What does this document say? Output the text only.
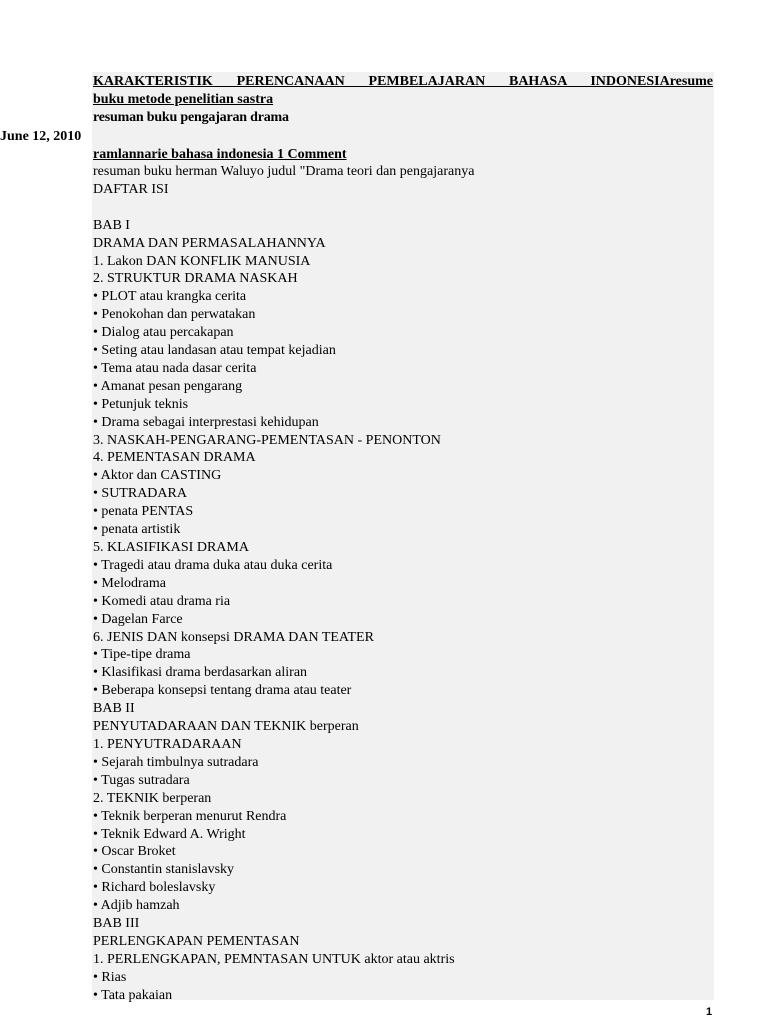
KARAKTERISTIK PERENCANAAN PEMBELAJARAN BAHASA INDONESIAresume
buku metode penelitian sastra
resuman buku pengajaran drama
June 12, 2010
ramlannarie bahasa indonesia 1 Comment
resuman buku herman Waluyo judul "Drama teori dan pengajaranya
DAFTAR ISI
BAB I
DRAMA DAN PERMASALAHANNYA
1. Lakon DAN KONFLIK MANUSIA
2. STRUKTUR DRAMA NASKAH
• PLOT atau krangka cerita
• Penokohan dan perwatakan
• Dialog atau percakapan
• Seting atau landasan atau tempat kejadian
• Tema atau nada dasar cerita
• Amanat pesan pengarang
• Petunjuk teknis
• Drama sebagai interprestasi kehidupan
3. NASKAH-PENGARANG-PEMENTASAN - PENONTON
4. PEMENTASAN DRAMA
• Aktor dan CASTING
• SUTRADARA
• penata PENTAS
• penata artistik
5. KLASIFIKASI DRAMA
• Tragedi atau drama duka atau duka cerita
• Melodrama
• Komedi atau drama ria
• Dagelan Farce
6. JENIS DAN konsepsi DRAMA DAN TEATER
• Tipe-tipe drama
• Klasifikasi drama berdasarkan aliran
• Beberapa konsepsi tentang drama atau teater
BAB II
PENYUTADARAAN DAN TEKNIK berperan
1. PENYUTRADARAAN
• Sejarah timbulnya sutradara
• Tugas sutradara
2. TEKNIK berperan
• Teknik berperan menurut Rendra
• Teknik Edward A. Wright
• Oscar Broket
• Constantin stanislavsky
• Richard boleslavsky
• Adjib hamzah
BAB III
PERLENGKAPAN PEMENTASAN
1. PERLENGKAPAN, PEMNTASAN UNTUK aktor atau aktris
• Rias
• Tata pakaian
1
